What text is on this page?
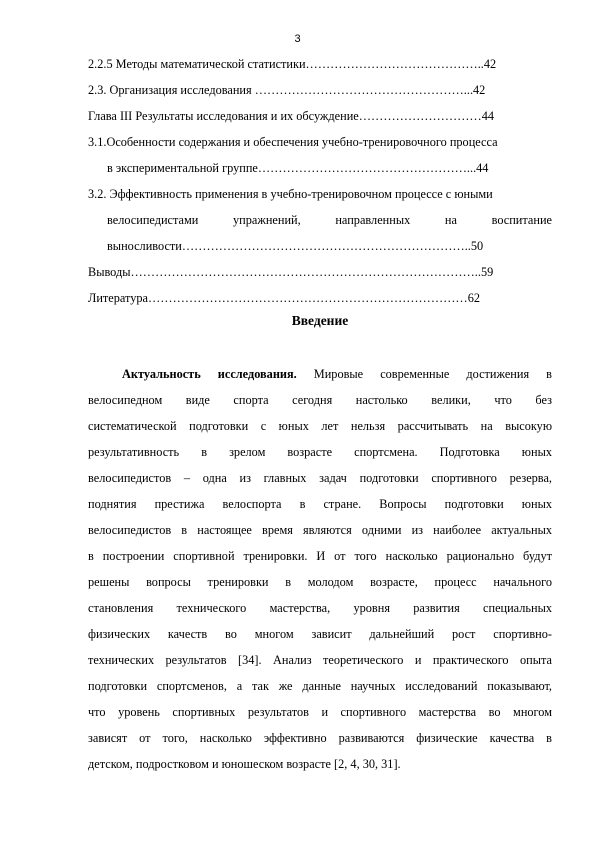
3
2.2.5 Методы математической статистики……………………………………..42
2.3. Организация исследования ……………………………………………...42
Глава III Результаты исследования и их обсуждение…………………………44
3.1.Особенности содержания и обеспечения учебно-тренировочного процесса
в экспериментальной группе……………………………………………...44
3.2. Эффективность применения в учебно-тренировочном процессе с юными
велосипедистами упражнений, направленных на воспитание
выносливости……………………………………………………………..50
Выводы…………………………………………………………………………..59
Литература……………………………………………………………………62
Введение
Актуальность исследования. Мировые современные достижения в
велосипедном виде спорта сегодня настолько велики, что без
систематической подготовки с юных лет нельзя рассчитывать на высокую
результативность в зрелом возрасте спортсмена. Подготовка юных
велосипедистов – одна из главных задач подготовки спортивного резерва,
поднятия престижа велоспорта в стране. Вопросы подготовки юных
велосипедистов в настоящее время являются одними из наиболее актуальных
в построении спортивной тренировки. И от того насколько рационально будут
решены вопросы тренировки в молодом возрасте, процесс начального
становления технического мастерства, уровня развития специальных
физических качеств во многом зависит дальнейший рост спортивно-
технических результатов [34]. Анализ теоретического и практического опыта
подготовки спортсменов, а так же данные научных исследований показывают,
что уровень спортивных результатов и спортивного мастерства во многом
зависят от того, насколько эффективно развиваются физические качества в
детском, подростковом и юношеском возрасте [2, 4, 30, 31].
